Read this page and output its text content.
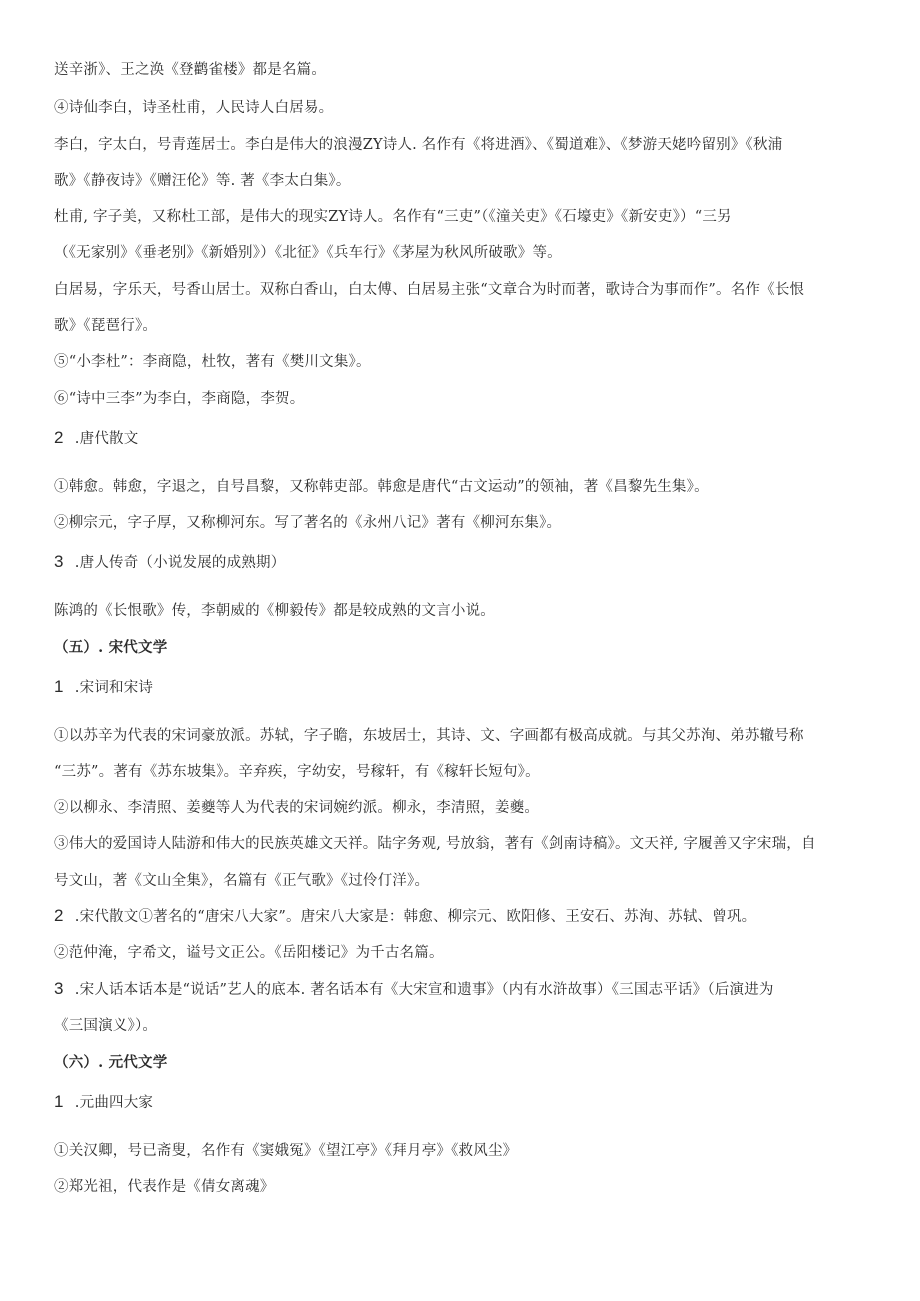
送辛浙》、王之涣《登鹳雀楼》都是名篇。
④诗仙李白，诗圣杜甫，人民诗人白居易。
李白，字太白，号青莲居士。李白是伟大的浪漫ZY诗人. 名作有《将进酒》、《蜀道难》、《梦游天姥吟留别》《秋浦
歌》《静夜诗》《赠汪伦》等. 著《李太白集》。
杜甫, 字子美，又称杜工部，是伟大的现实ZY诗人。名作有“三吏”（《潼关吏》《石壕吏》《新安吏》）“三另
（《无家别》《垂老别》《新婚别》）《北征》《兵车行》《茅屋为秋风所破歌》等。
白居易，字乐天，号香山居士。双称白香山，白太傅、白居易主张“文章合为时而著，歌诗合为事而作”。名作《长恨
歌》《琵琶行》。
⑤“小李杜”：李商隐，杜牧，著有《樊川文集》。
⑥“诗中三李”为李白，李商隐，李贺。
2 .唐代散文
①韩愈。韩愈，字退之，自号昌黎，又称韩吏部。韩愈是唐代“古文运动”的领袖，著《昌黎先生集》。
②柳宗元，字子厚，又称柳河东。写了著名的《永州八记》著有《柳河东集》。
3 .唐人传奇（小说发展的成熟期）
陈鸿的《长恨歌》传，李朝威的《柳毅传》都是较成熟的文言小说。
（五）. 宋代文学
1 .宋词和宋诗
①以苏辛为代表的宋词豪放派。苏轼，字子瞻，东坡居士，其诗、文、字画都有极高成就。与其父苏洵、弟苏辙号称
“三苏”。著有《苏东坡集》。辛弃疾，字幼安，号稼轩，有《稼轩长短句》。
②以柳永、李清照、姜夔等人为代表的宋词婉约派。柳永，李清照，姜夔。
③伟大的爱国诗人陆游和伟大的民族英雄文天祥。陆字务观, 号放翁，著有《剑南诗稿》。文天祥, 字履善又字宋瑞，自
号文山，著《文山全集》，名篇有《正气歌》《过伶仃洋》。
2 .宋代散文①著名的“唐宋八大家”。唐宋八大家是：韩愈、柳宗元、欧阳修、王安石、苏洵、苏轼、曾巩。
②范仲淹，字希文，谥号文正公。《岳阳楼记》为千古名篇。
3 .宋人话本话本是“说话”艺人的底本. 著名话本有《大宋宣和遗事》（内有水浒故事）《三国志平话》（后演进为
《三国演义》）。
（六）. 元代文学
1 .元曲四大家
①关汉卿，号已斋叟，名作有《窦娥冤》《望江亭》《拜月亭》《救风尘》
②郑光祖，代表作是《倩女离魂》
